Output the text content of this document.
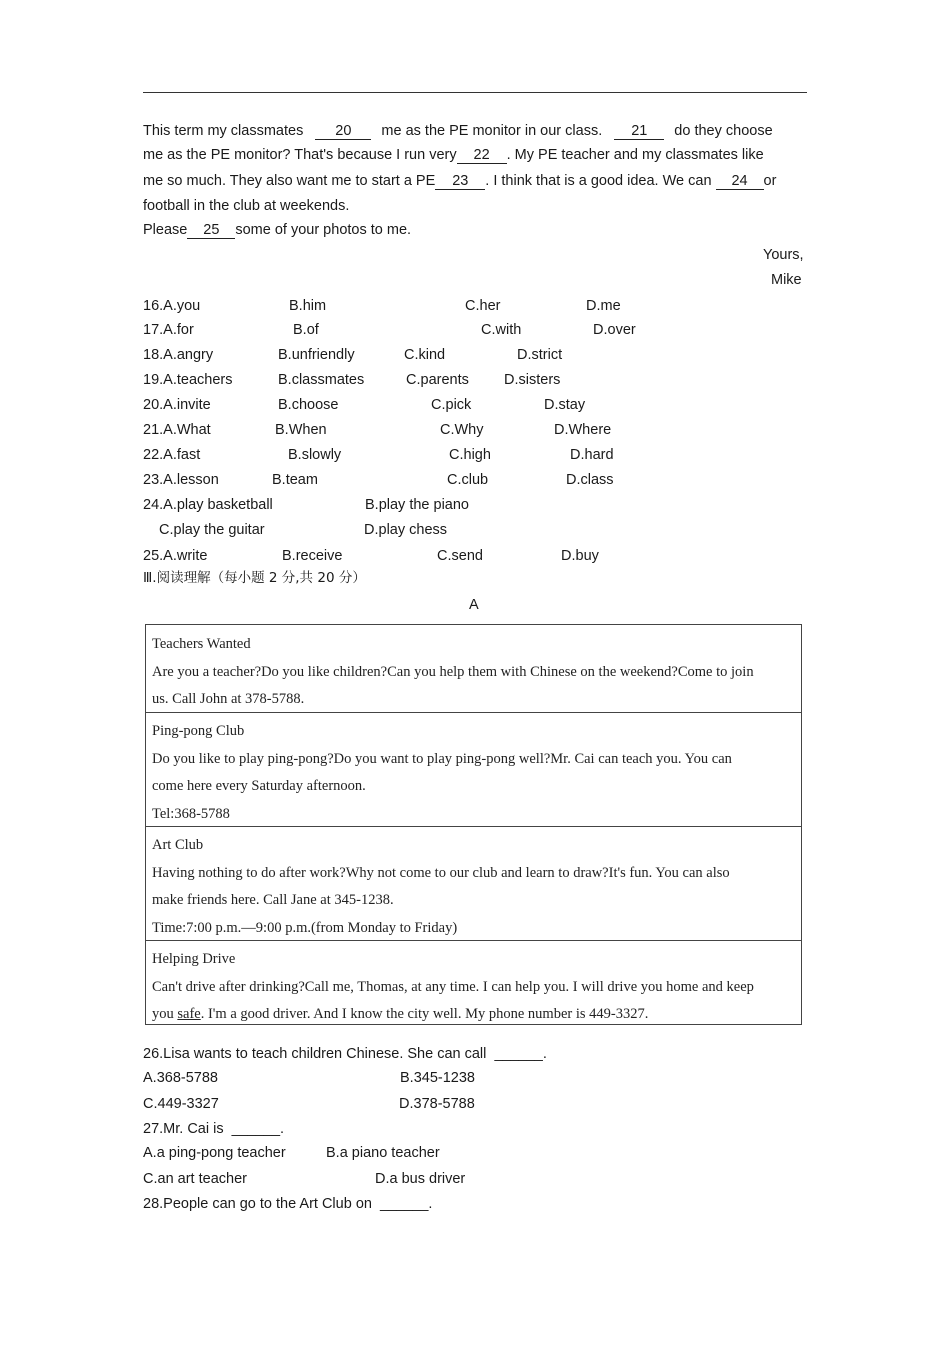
This term my classmates 20 me as the PE monitor in our class. 21 do they choose
me as the PE monitor? That's because I run very 22 . My PE teacher and my classmates like
me so much. They also want me to start a PE 23 . I think that is a good idea. We can 24 or
football in the club at weekends.
Please 25 some of your photos to me.
Yours,
Mike
16.A.you	B.him	C.her	D.me
17.A.for	B.of	C.with	D.over
18.A.angry	B.unfriendly	C.kind	D.strict
19.A.teachers	B.classmates	C.parents D.sisters
20.A.invite	B.choose	C.pick	D.stay
21.A.What	B.When	C.Why	D.Where
22.A.fast	B.slowly	C.high	D.hard
23.A.lesson	B.team	C.club	D.class
24.A.play basketball	B.play the piano
C.play the guitar	D.play chess
25.A.write	B.receive	C.send	D.buy
Ⅲ.阅读理解（每小题 2 分,共 20 分）
A
Teachers Wanted
Are you a teacher?Do you like children?Can you help them with Chinese on the weekend?Come to join
us. Call John at 378-5788.
Ping-pong Club
Do you like to play ping-pong?Do you want to play ping-pong well?Mr. Cai can teach you. You can
come here every Saturday afternoon.
Tel:368-5788
Art Club
Having nothing to do after work?Why not come to our club and learn to draw?It's fun. You can also
make friends here. Call Jane at 345-1238.
Time:7:00 p.m.—9:00 p.m.(from Monday to Friday)
Helping Drive
Can't drive after drinking?Call me, Thomas, at any time. I can help you. I will drive you home and keep
you safe. I'm a good driver. And I know the city well. My phone number is 449-3327.
26.Lisa wants to teach children Chinese. She can call ______.
A.368-5788	B.345-1238
C.449-3327	D.378-5788
27.Mr. Cai is ______.
A.a ping-pong teacher	B.a piano teacher
C.an art teacher	D.a bus driver
28.People can go to the Art Club on ______.
